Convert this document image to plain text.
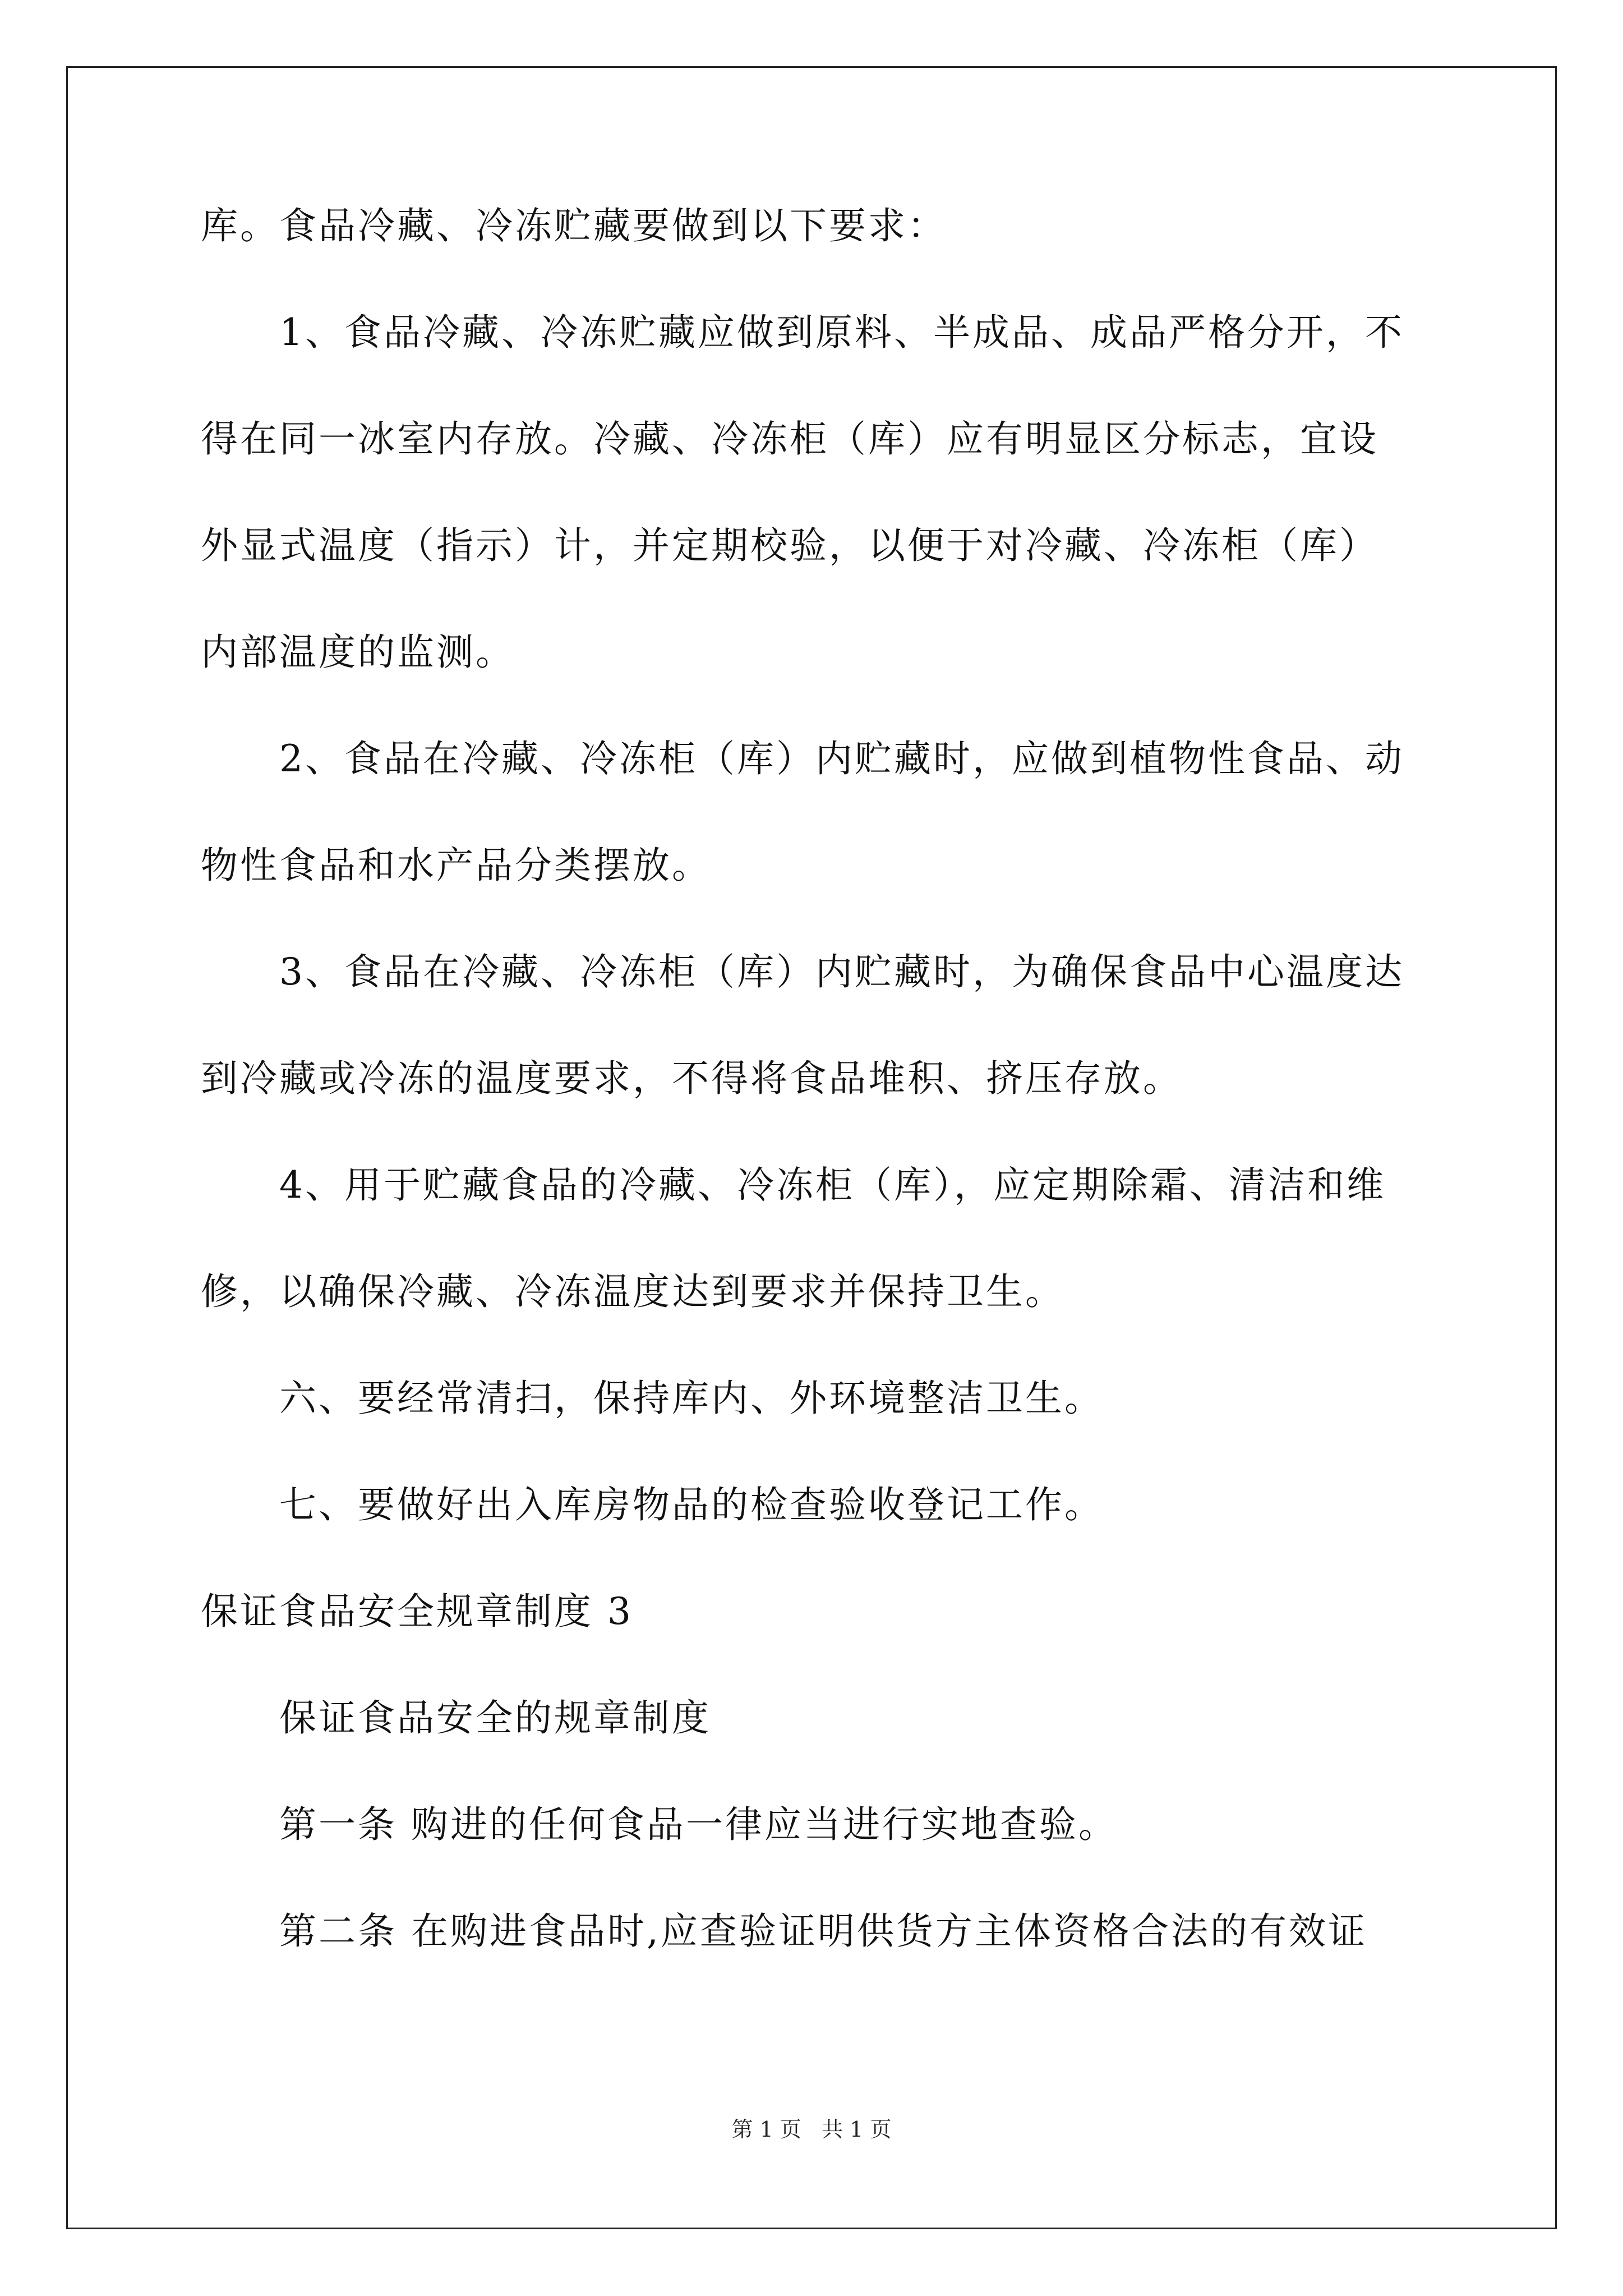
库。食品冷藏、冷冻贮藏要做到以下要求：
1、食品冷藏、冷冻贮藏应做到原料、半成品、成品严格分开，不
得在同一冰室内存放。冷藏、冷冻柜（库）应有明显区分标志，宜设
外显式温度（指示）计，并定期校验，以便于对冷藏、冷冻柜（库）
内部温度的监测。
2、食品在冷藏、冷冻柜（库）内贮藏时，应做到植物性食品、动
物性食品和水产品分类摆放。
3、食品在冷藏、冷冻柜（库）内贮藏时，为确保食品中心温度达
到冷藏或冷冻的温度要求，不得将食品堆积、挤压存放。
4、用于贮藏食品的冷藏、冷冻柜（库），应定期除霜、清洁和维
修，以确保冷藏、冷冻温度达到要求并保持卫生。
六、要经常清扫，保持库内、外环境整洁卫生。
七、要做好出入库房物品的检查验收登记工作。
保证食品安全规章制度 3
保证食品安全的规章制度
第一条 购进的任何食品一律应当进行实地查验。
第二条 在购进食品时,应查验证明供货方主体资格合法的有效证
第 1 页   共 1 页
